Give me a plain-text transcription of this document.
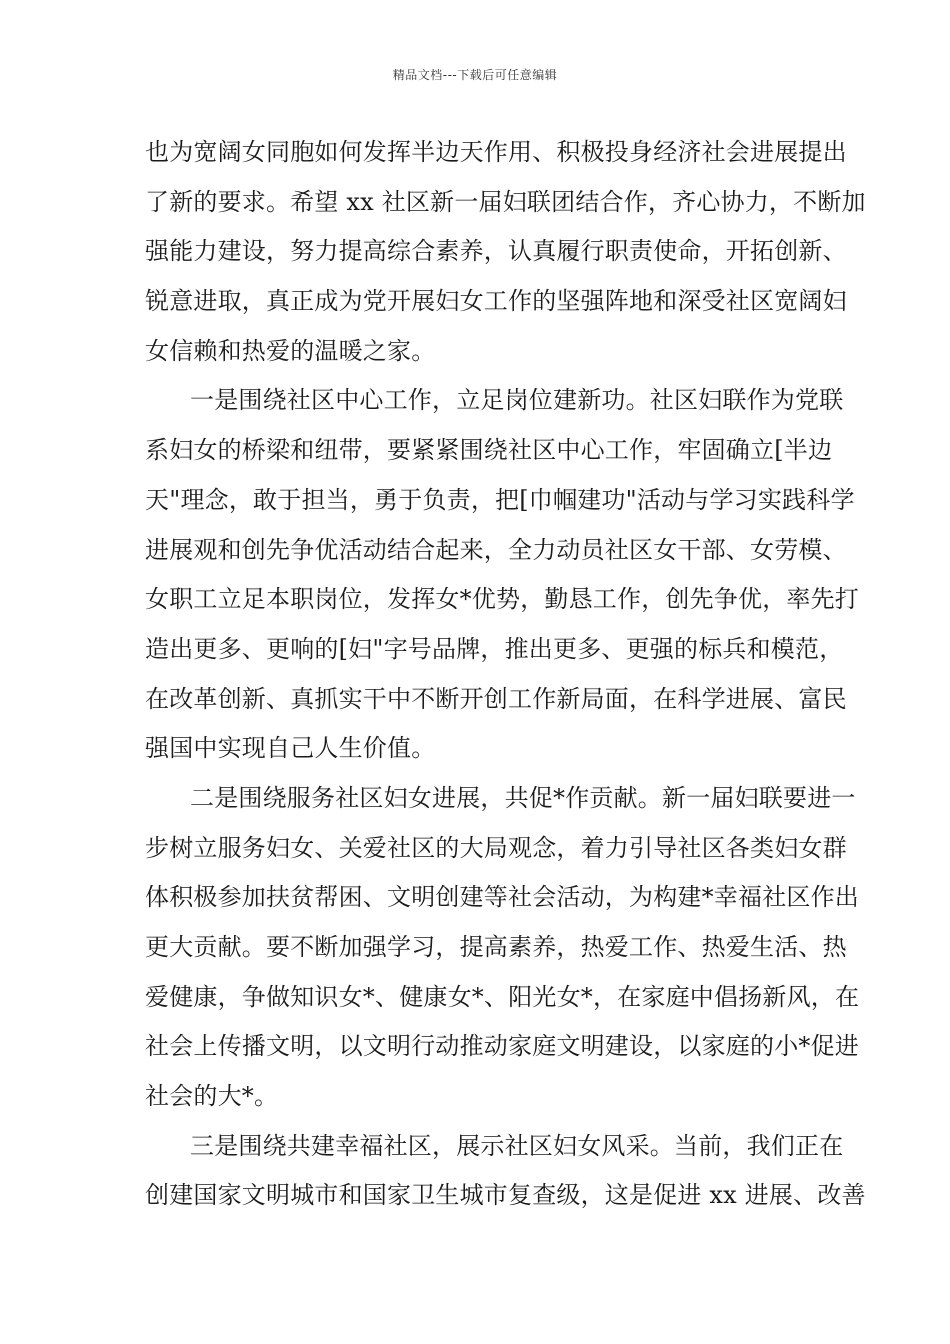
精品文档---下载后可任意编辑
也为宽阔女同胞如何发挥半边天作用、积极投身经济社会进展提出
了新的要求。希望 xx 社区新一届妇联团结合作，齐心协力，不断加
强能力建设，努力提高综合素养，认真履行职责使命，开拓创新、
锐意进取，真正成为党开展妇女工作的坚强阵地和深受社区宽阔妇
女信赖和热爱的温暖之家。
一是围绕社区中心工作，立足岗位建新功。社区妇联作为党联
系妇女的桥梁和纽带，要紧紧围绕社区中心工作，牢固确立[半边
天"理念，敢于担当，勇于负责，把[巾帼建功"活动与学习实践科学
进展观和创先争优活动结合起来，全力动员社区女干部、女劳模、
女职工立足本职岗位，发挥女*优势，勤恳工作，创先争优，率先打
造出更多、更响的[妇"字号品牌，推出更多、更强的标兵和模范，
在改革创新、真抓实干中不断开创工作新局面，在科学进展、富民
强国中实现自己人生价值。
二是围绕服务社区妇女进展，共促*作贡献。新一届妇联要进一
步树立服务妇女、关爱社区的大局观念，着力引导社区各类妇女群
体积极参加扶贫帮困、文明创建等社会活动，为构建*幸福社区作出
更大贡献。要不断加强学习，提高素养，热爱工作、热爱生活、热
爱健康，争做知识女*、健康女*、阳光女*，在家庭中倡扬新风，在
社会上传播文明，以文明行动推动家庭文明建设，以家庭的小*促进
社会的大*。
三是围绕共建幸福社区，展示社区妇女风采。当前，我们正在
创建国家文明城市和国家卫生城市复查级，这是促进 xx 进展、改善
